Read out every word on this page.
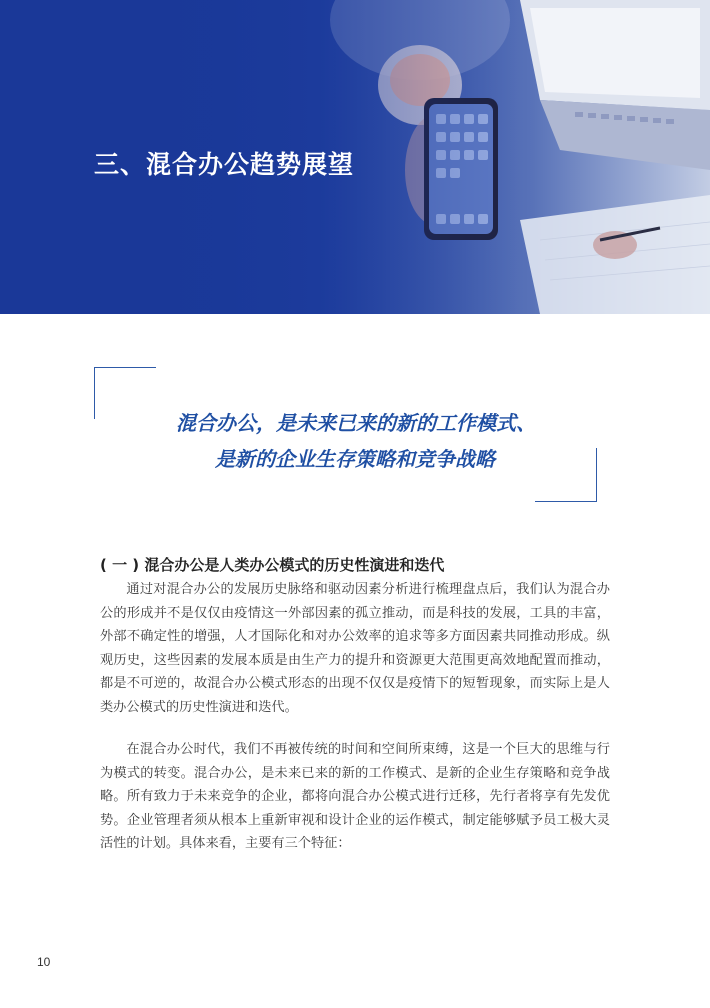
三、混合办公趋势展望
混合办公，是未来已来的新的工作模式、
是新的企业生存策略和竞争战略
( 一 ) 混合办公是人类办公模式的历史性演进和迭代

通过对混合办公的发展历史脉络和驱动因素分析进行梳理盘点后，我们认为混合办公的形成并不是仅仅由疫情这一外部因素的孤立推动，而是科技的发展，工具的丰富，外部不确定性的增强，人才国际化和对办公效率的追求等多方面因素共同推动形成。纵观历史，这些因素的发展本质是由生产力的提升和资源更大范围更高效地配置而推动，都是不可逆的，故混合办公模式形态的出现不仅仅是疫情下的短暂现象，而实际上是人类办公模式的历史性演进和迭代。

在混合办公时代，我们不再被传统的时间和空间所束缚，这是一个巨大的思维与行为模式的转变。混合办公，是未来已来的新的工作模式、是新的企业生存策略和竞争战略。所有致力于未来竞争的企业，都将向混合办公模式进行迁移，先行者将享有先发优势。企业管理者须从根本上重新审视和设计企业的运作模式，制定能够赋予员工极大灵活性的计划。具体来看，主要有三个特征：

10
